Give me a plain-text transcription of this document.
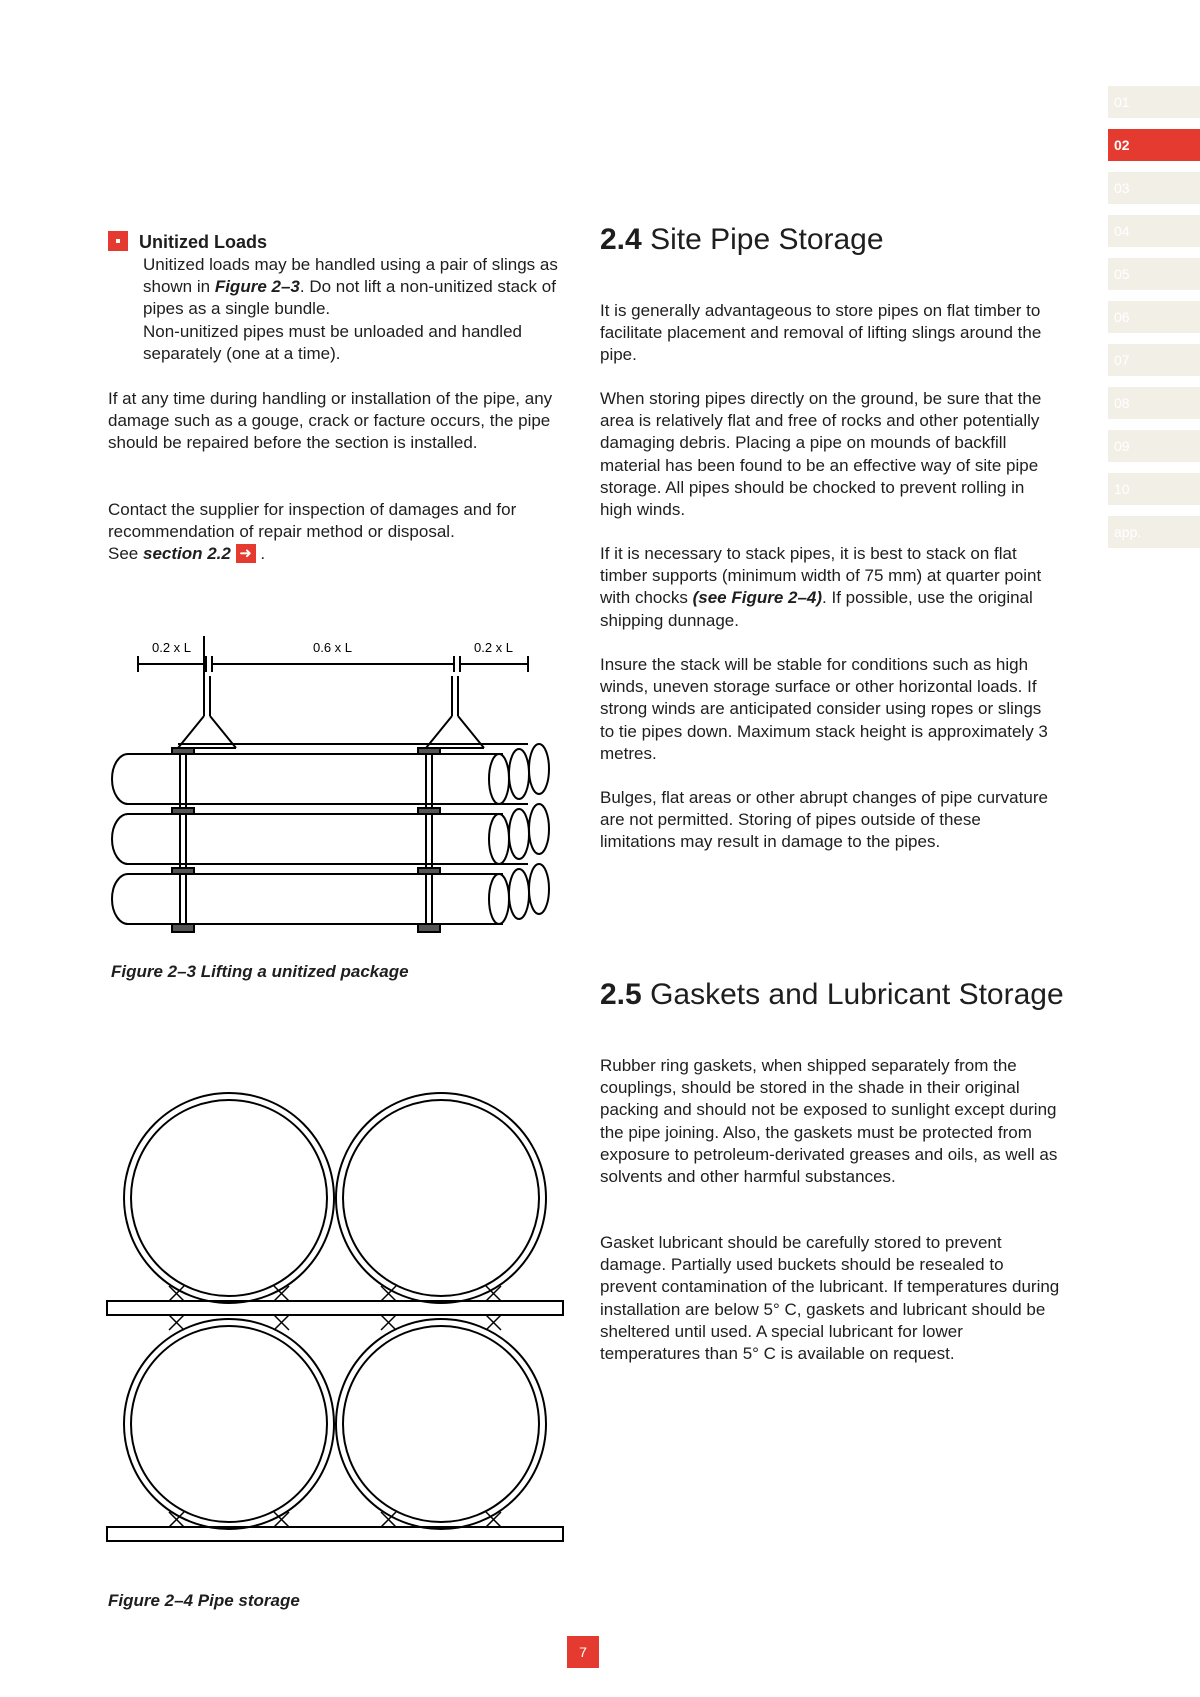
01
02
03
04
05
06
07
08
09
10
app.
Unitized Loads

Unitized loads may be handled using a pair of slings as shown in Figure 2–3. Do not lift a non-unitized stack of pipes as a single bundle.
Non-unitized pipes must be unloaded and handled separately (one at a time).

If at any time during handling or installation of the pipe, any damage such as a gouge, crack or facture occurs, the pipe should be repaired before the section is installed.

Contact the supplier for inspection of damages and for recommendation of repair method or disposal.
See section 2.2 ➜ .

0.2 x L	0.6 x L	0.2 x L
Figure 2–3 Lifting a unitized package
Figure 2–4 Pipe storage
2.4 Site Pipe Storage

It is generally advantageous to store pipes on flat timber to facilitate placement and removal of lifting slings around the pipe.

When storing pipes directly on the ground, be sure that the area is relatively flat and free of rocks and other potentially damaging debris. Placing a pipe on mounds of backfill material has been found to be an effective way of site pipe storage. All pipes should be chocked to prevent rolling in high winds.

If it is necessary to stack pipes, it is best to stack on flat timber supports (minimum width of 75 mm) at quarter point with chocks (see Figure 2–4). If possible, use the original shipping dunnage.

Insure the stack will be stable for conditions such as high winds, uneven storage surface or other horizontal loads. If strong winds are anticipated consider using ropes or slings to tie pipes down. Maximum stack height is approximately 3 metres.

Bulges, flat areas or other abrupt changes of pipe curvature are not permitted. Storing of pipes outside of these limitations may result in damage to the pipes.

2.5 Gaskets and Lubricant Storage

Rubber ring gaskets, when shipped separately from the couplings, should be stored in the shade in their original packing and should not be exposed to sunlight except during the pipe joining. Also, the gaskets must be protected from exposure to petroleum-derivated greases and oils, as well as solvents and other harmful substances.

Gasket lubricant should be carefully stored to prevent damage. Partially used buckets should be resealed to prevent contamination of the lubricant. If temperatures during installation are below 5° C, gaskets and lubricant should be sheltered until used. A special lubricant for lower temperatures than 5° C is available on request.

7
